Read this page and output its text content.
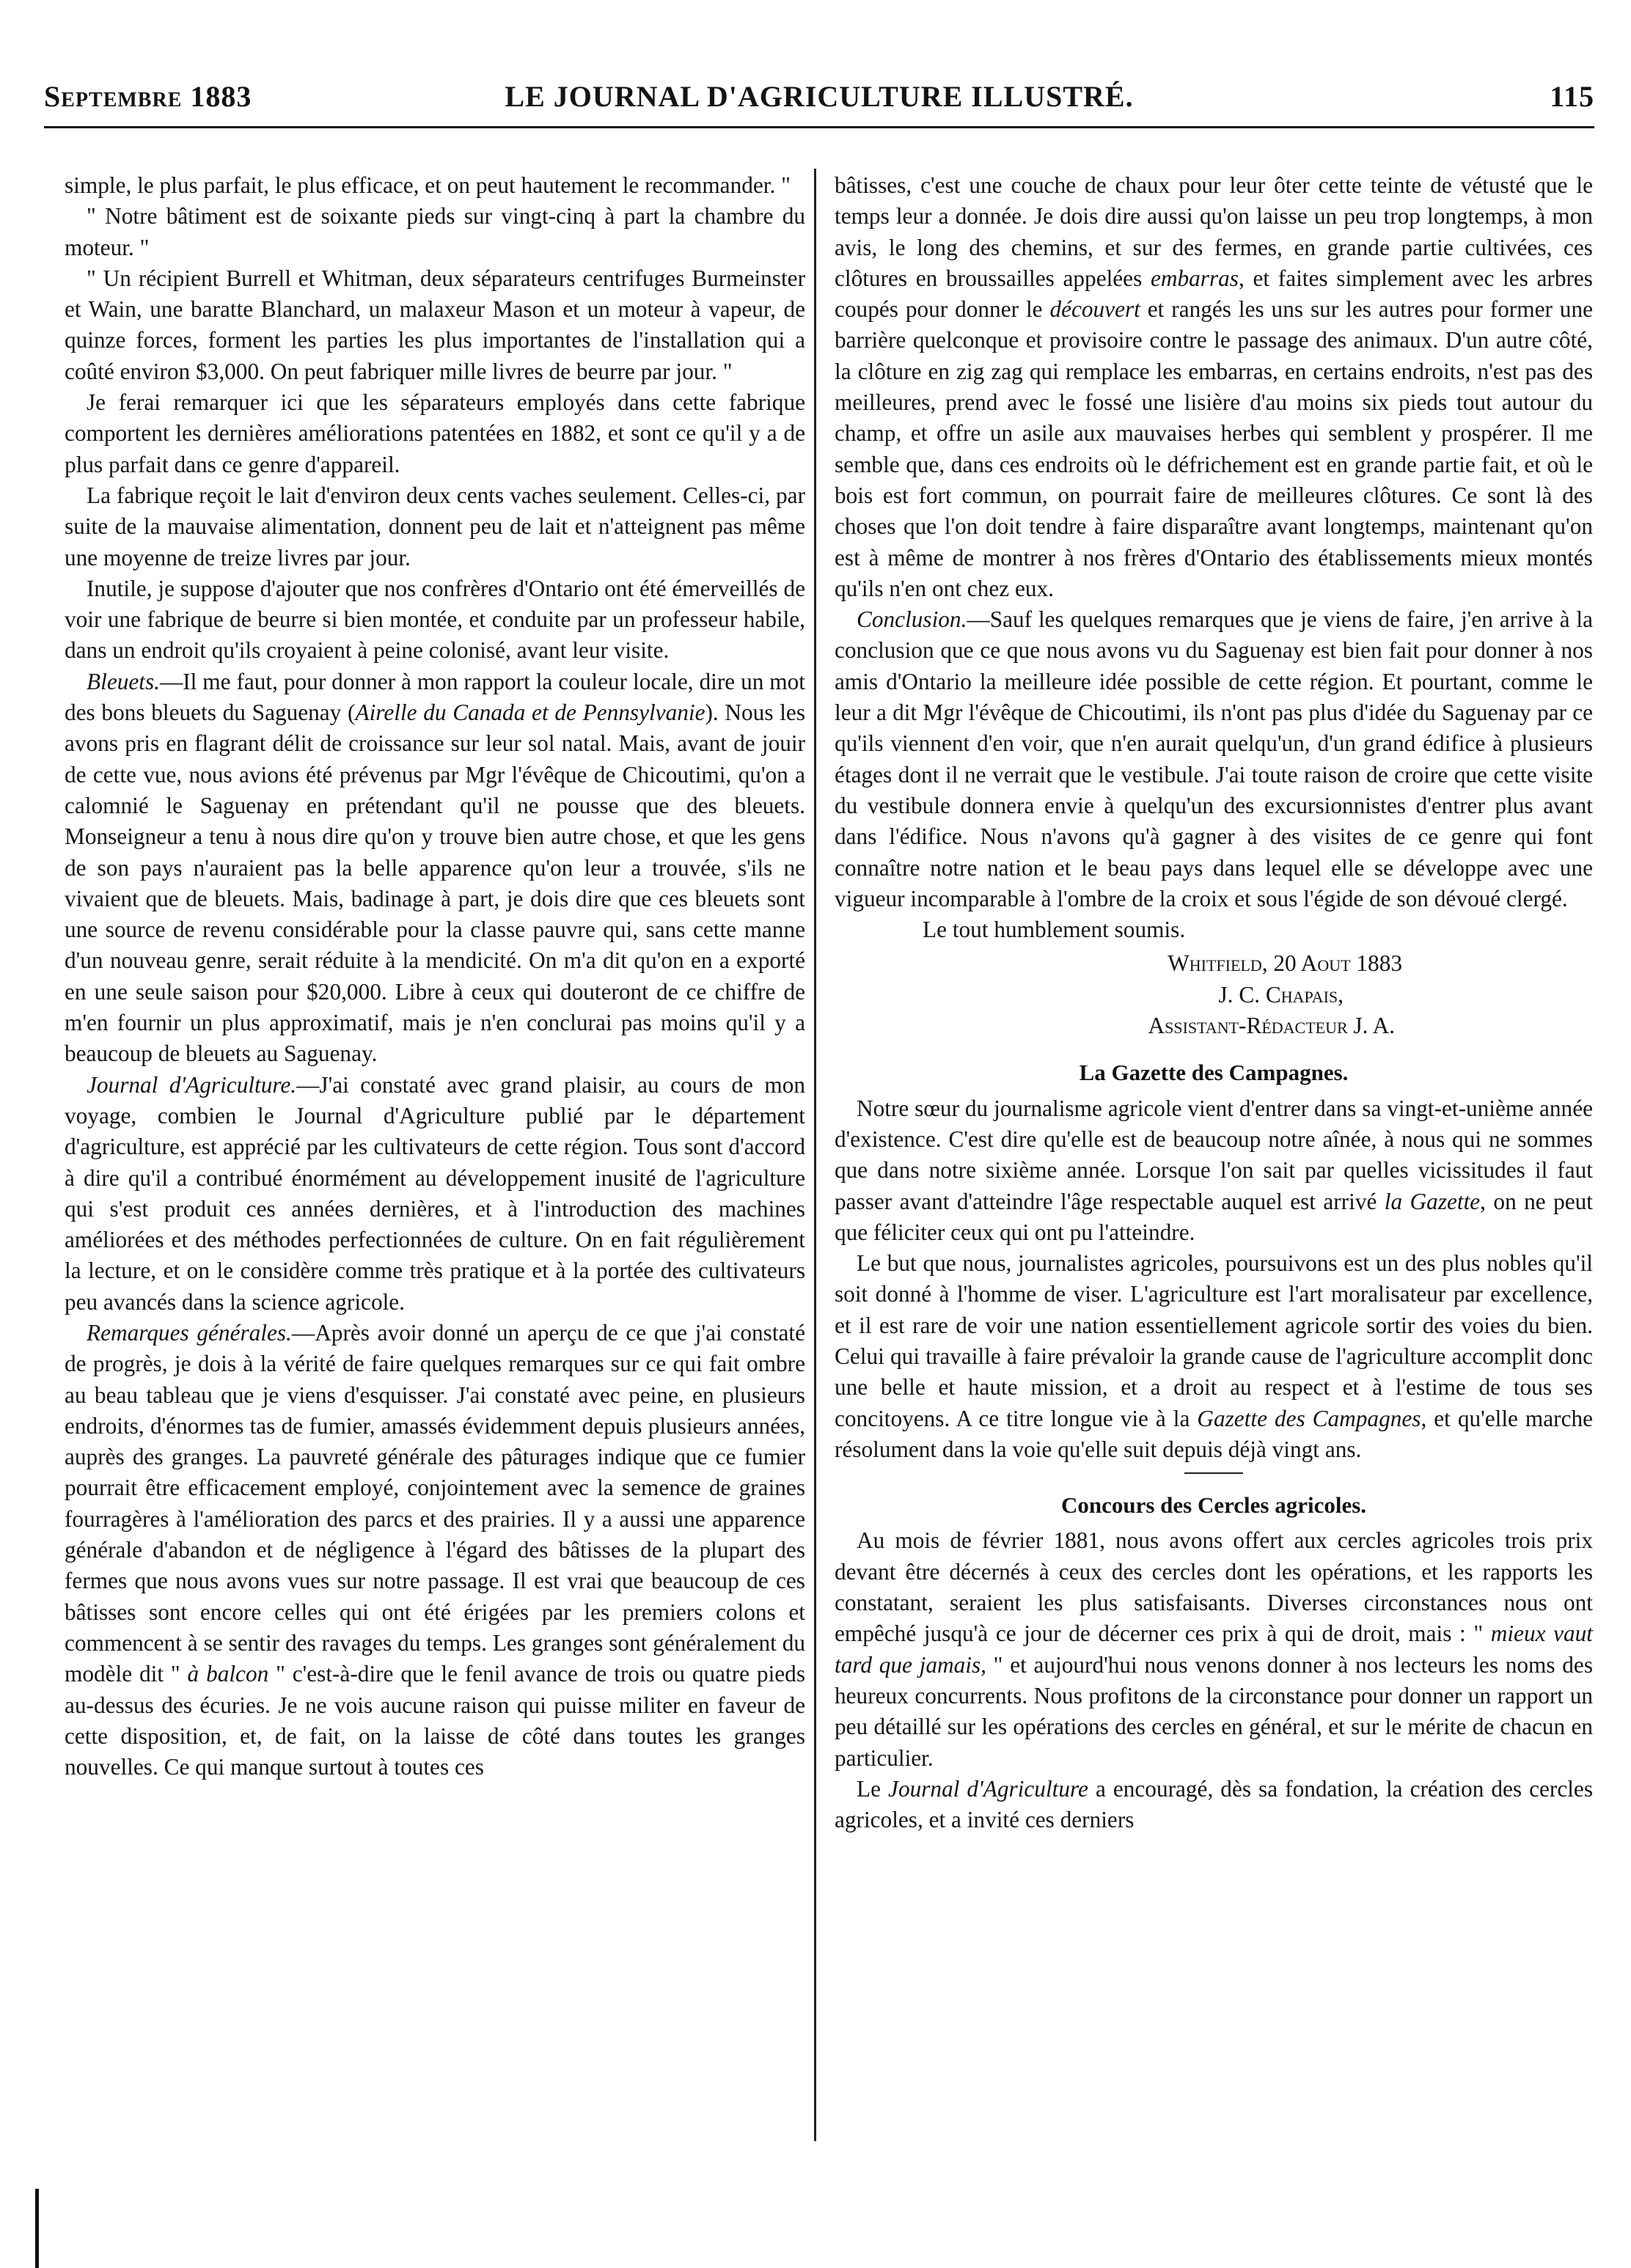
Septembre 1883	LE JOURNAL D'AGRICULTURE ILLUSTRÉ.	115

simple, le plus parfait, le plus efficace, et on peut hautement le recommander. "

" Notre bâtiment est de soixante pieds sur vingt-cinq à part la chambre du moteur. "

" Un récipient Burrell et Whitman, deux séparateurs centrifuges Burmeinster et Wain, une baratte Blanchard, un malaxeur Mason et un moteur à vapeur, de quinze forces, forment les parties les plus importantes de l'installation qui a coûté environ $3,000. On peut fabriquer mille livres de beurre par jour. "

Je ferai remarquer ici que les séparateurs employés dans cette fabrique comportent les dernières améliorations patentées en 1882, et sont ce qu'il y a de plus parfait dans ce genre d'appareil.

La fabrique reçoit le lait d'environ deux cents vaches seulement. Celles-ci, par suite de la mauvaise alimentation, donnent peu de lait et n'atteignent pas même une moyenne de treize livres par jour.

Inutile, je suppose d'ajouter que nos confrères d'Ontario ont été émerveillés de voir une fabrique de beurre si bien montée, et conduite par un professeur habile, dans un endroit qu'ils croyaient à peine colonisé, avant leur visite.

Bleuets.—Il me faut, pour donner à mon rapport la couleur locale, dire un mot des bons bleuets du Saguenay (Airelle du Canada et de Pennsylvanie). Nous les avons pris en flagrant délit de croissance sur leur sol natal. Mais, avant de jouir de cette vue, nous avions été prévenus par Mgr l'évêque de Chicoutimi, qu'on a calomnié le Saguenay en prétendant qu'il ne pousse que des bleuets. Monseigneur a tenu à nous dire qu'on y trouve bien autre chose, et que les gens de son pays n'auraient pas la belle apparence qu'on leur a trouvée, s'ils ne vivaient que de bleuets. Mais, badinage à part, je dois dire que ces bleuets sont une source de revenu considérable pour la classe pauvre qui, sans cette manne d'un nouveau genre, serait réduite à la mendicité. On m'a dit qu'on en a exporté en une seule saison pour $20,000. Libre à ceux qui douteront de ce chiffre de m'en fournir un plus approximatif, mais je n'en conclurai pas moins qu'il y a beaucoup de bleuets au Saguenay.

Journal d'Agriculture.—J'ai constaté avec grand plaisir, au cours de mon voyage, combien le Journal d'Agriculture publié par le département d'agriculture, est apprécié par les cultivateurs de cette région. Tous sont d'accord à dire qu'il a contribué énormément au développement inusité de l'agriculture qui s'est produit ces années dernières, et à l'introduction des machines améliorées et des méthodes perfectionnées de culture. On en fait régulièrement la lecture, et on le considère comme très pratique et à la portée des cultivateurs peu avancés dans la science agricole.

Remarques générales.—Après avoir donné un aperçu de ce que j'ai constaté de progrès, je dois à la vérité de faire quelques remarques sur ce qui fait ombre au beau tableau que je viens d'esquisser. J'ai constaté avec peine, en plusieurs endroits, d'énormes tas de fumier, amassés évidemment depuis plusieurs années, auprès des granges. La pauvreté générale des pâturages indique que ce fumier pourrait être efficacement employé, conjointement avec la semence de graines fourragères à l'amélioration des parcs et des prairies. Il y a aussi une apparence générale d'abandon et de négligence à l'égard des bâtisses de la plupart des fermes que nous avons vues sur notre passage. Il est vrai que beaucoup de ces bâtisses sont encore celles qui ont été érigées par les premiers colons et commencent à se sentir des ravages du temps. Les granges sont généralement du modèle dit " à balcon " c'est-à-dire que le fenil avance de trois ou quatre pieds au-dessus des écuries. Je ne vois aucune raison qui puisse militer en faveur de cette disposition, et, de fait, on la laisse de côté dans toutes les granges nouvelles. Ce qui manque surtout à toutes ces

bâtisses, c'est une couche de chaux pour leur ôter cette teinte de vétusté que le temps leur a donnée. Je dois dire aussi qu'on laisse un peu trop longtemps, à mon avis, le long des chemins, et sur des fermes, en grande partie cultivées, ces clôtures en broussailles appelées embarras, et faites simplement avec les arbres coupés pour donner le découvert et rangés les uns sur les autres pour former une barrière quelconque et provisoire contre le passage des animaux. D'un autre côté, la clôture en zig zag qui remplace les embarras, en certains endroits, n'est pas des meilleures, prend avec le fossé une lisière d'au moins six pieds tout autour du champ, et offre un asile aux mauvaises herbes qui semblent y prospérer. Il me semble que, dans ces endroits où le défrichement est en grande partie fait, et où le bois est fort commun, on pourrait faire de meilleures clôtures. Ce sont là des choses que l'on doit tendre à faire disparaître avant longtemps, maintenant qu'on est à même de montrer à nos frères d'Ontario des établissements mieux montés qu'ils n'en ont chez eux.

Conclusion.—Sauf les quelques remarques que je viens de faire, j'en arrive à la conclusion que ce que nous avons vu du Saguenay est bien fait pour donner à nos amis d'Ontario la meilleure idée possible de cette région. Et pourtant, comme le leur a dit Mgr l'évêque de Chicoutimi, ils n'ont pas plus d'idée du Saguenay par ce qu'ils viennent d'en voir, que n'en aurait quelqu'un, d'un grand édifice à plusieurs étages dont il ne verrait que le vestibule. J'ai toute raison de croire que cette visite du vestibule donnera envie à quelqu'un des excursionnistes d'entrer plus avant dans l'édifice. Nous n'avons qu'à gagner à des visites de ce genre qui font connaître notre nation et le beau pays dans lequel elle se développe avec une vigueur incomparable à l'ombre de la croix et sous l'égide de son dévoué clergé.

Le tout humblement soumis.

Whitfield, 20 Aout 1883
J. C. Chapais,
Assistant-Rédacteur J. A.
La Gazette des Campagnes.

Notre sœur du journalisme agricole vient d'entrer dans sa vingt-et-unième année d'existence. C'est dire qu'elle est de beaucoup notre aînée, à nous qui ne sommes que dans notre sixième année. Lorsque l'on sait par quelles vicissitudes il faut passer avant d'atteindre l'âge respectable auquel est arrivé la Gazette, on ne peut que féliciter ceux qui ont pu l'atteindre.

Le but que nous, journalistes agricoles, poursuivons est un des plus nobles qu'il soit donné à l'homme de viser. L'agriculture est l'art moralisateur par excellence, et il est rare de voir une nation essentiellement agricole sortir des voies du bien. Celui qui travaille à faire prévaloir la grande cause de l'agriculture accomplit donc une belle et haute mission, et a droit au respect et à l'estime de tous ses concitoyens. A ce titre longue vie à la Gazette des Campagnes, et qu'elle marche résolument dans la voie qu'elle suit depuis déjà vingt ans.

Concours des Cercles agricoles.

Au mois de février 1881, nous avons offert aux cercles agricoles trois prix devant être décernés à ceux des cercles dont les opérations, et les rapports les constatant, seraient les plus satisfaisants. Diverses circonstances nous ont empêché jusqu'à ce jour de décerner ces prix à qui de droit, mais : " mieux vaut tard que jamais, " et aujourd'hui nous venons donner à nos lecteurs les noms des heureux concurrents. Nous profitons de la circonstance pour donner un rapport un peu détaillé sur les opérations des cercles en général, et sur le mérite de chacun en particulier.

Le Journal d'Agriculture a encouragé, dès sa fondation, la création des cercles agricoles, et a invité ces derniers
